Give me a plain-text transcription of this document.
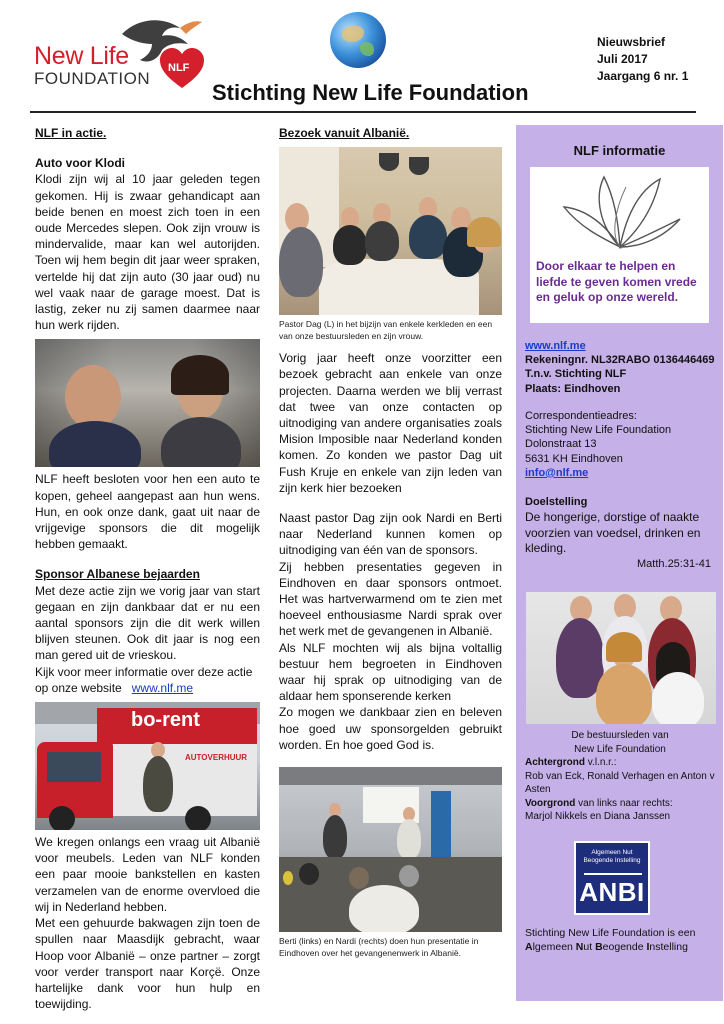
New Life
FOUNDATION
NLF
Stichting New Life Foundation
Nieuwsbrief
Juli 2017
Jaargang 6 nr. 1
NLF in actie.
Auto voor Klodi

Klodi zijn wij al 10 jaar geleden tegen gekomen. Hij is zwaar gehandicapt aan beide benen en moest zich toen in een oude Mercedes slepen. Ook zijn vrouw is mindervalide, maar kan wel autorijden. Toen wij hem begin dit jaar weer spraken, vertelde hij dat zijn auto (30 jaar oud) nu wel vaak naar de garage moest. Dat is lastig, zeker nu zij samen daarmee naar hun werk rijden.

NLF heeft besloten voor hen een auto te kopen, geheel aangepast aan hun wens. Hun, en ook onze dank, gaat uit naar de vrijgevige sponsors die dit mogelijk hebben gemaakt.

Sponsor Albanese bejaarden

Met deze actie zijn we vorig jaar van start gegaan en zijn dankbaar dat er nu een aantal sponsors zijn die dit werk willen blijven steunen. Ook dit jaar is nog een man gered uit de vrieskou.

Kijk voor meer informatie over deze actie op onze website www.nlf.me

bo-rent
AUTOVERHUUR

We kregen onlangs een vraag uit Albanië voor meubels. Leden van NLF konden een paar mooie bankstellen en kasten verzamelen van de enorme overvloed die wij in Nederland hebben.

Met een gehuurde bakwagen zijn toen de spullen naar Maasdijk gebracht, waar Hoop voor Albanië – onze partner – zorgt voor verder transport naar Korçë. Onze hartelijke dank voor hun hulp en toewijding.

Bezoek vanuit Albanië.

Pastor Dag (L) in het bijzijn van enkele kerkleden en een van onze bestuursleden en zijn vrouw.

Vorig jaar heeft onze voorzitter een bezoek gebracht aan enkele van onze projecten. Daarna werden we blij verrast dat twee van onze contacten op uitnodiging van andere organisaties zoals Mision Imposible naar Nederland konden komen. Zo konden we pastor Dag uit Fush Kruje en enkele van zijn leden van zijn kerk hier bezoeken

Naast pastor Dag zijn ook Nardi en Berti naar Nederland kunnen komen op uitnodiging van één van de sponsors.

Zij hebben presentaties gegeven in Eindhoven en daar sponsors ontmoet. Het was hartverwarmend om te zien met hoeveel enthousiasme Nardi sprak over het werk met de gevangenen in Albanië.

Als NLF mochten wij als bijna voltallig bestuur hem begroeten in Eindhoven waar hij sprak op uitnodiging van de aldaar hem sponserende kerken

Zo mogen we dankbaar zien en beleven hoe goed uw sponsorgelden gebruikt worden. En hoe goed God is.

Berti (links) en Nardi (rechts) doen hun presentatie in Eindhoven over het gevangenenwerk in Albanië.

NLF informatie
Door elkaar te helpen en liefde te geven komen vrede en geluk op onze wereld.
www.nlf.me
Rekeningnr. NL32RABO 0136446469
T.n.v. Stichting NLF
Plaats: Eindhoven
Correspondentieadres:
Stichting New Life Foundation
Dolonstraat 13
5631 KH Eindhoven
info@nlf.me
Doelstelling
De hongerige, dorstige of naakte voorzien van voedsel, drinken en kleding.
Matth.25:31-41
De bestuursleden van
New Life Foundation
Achtergrond v.l.n.r.:
Rob van Eck, Ronald Verhagen en Anton v Asten
Voorgrond van links naar rechts:
Marjol Nikkels en Diana Janssen
Algemeen Nut Beogende Instelling
ANBI
Stichting New Life Foundation is een
Algemeen Nut Beogende Instelling
